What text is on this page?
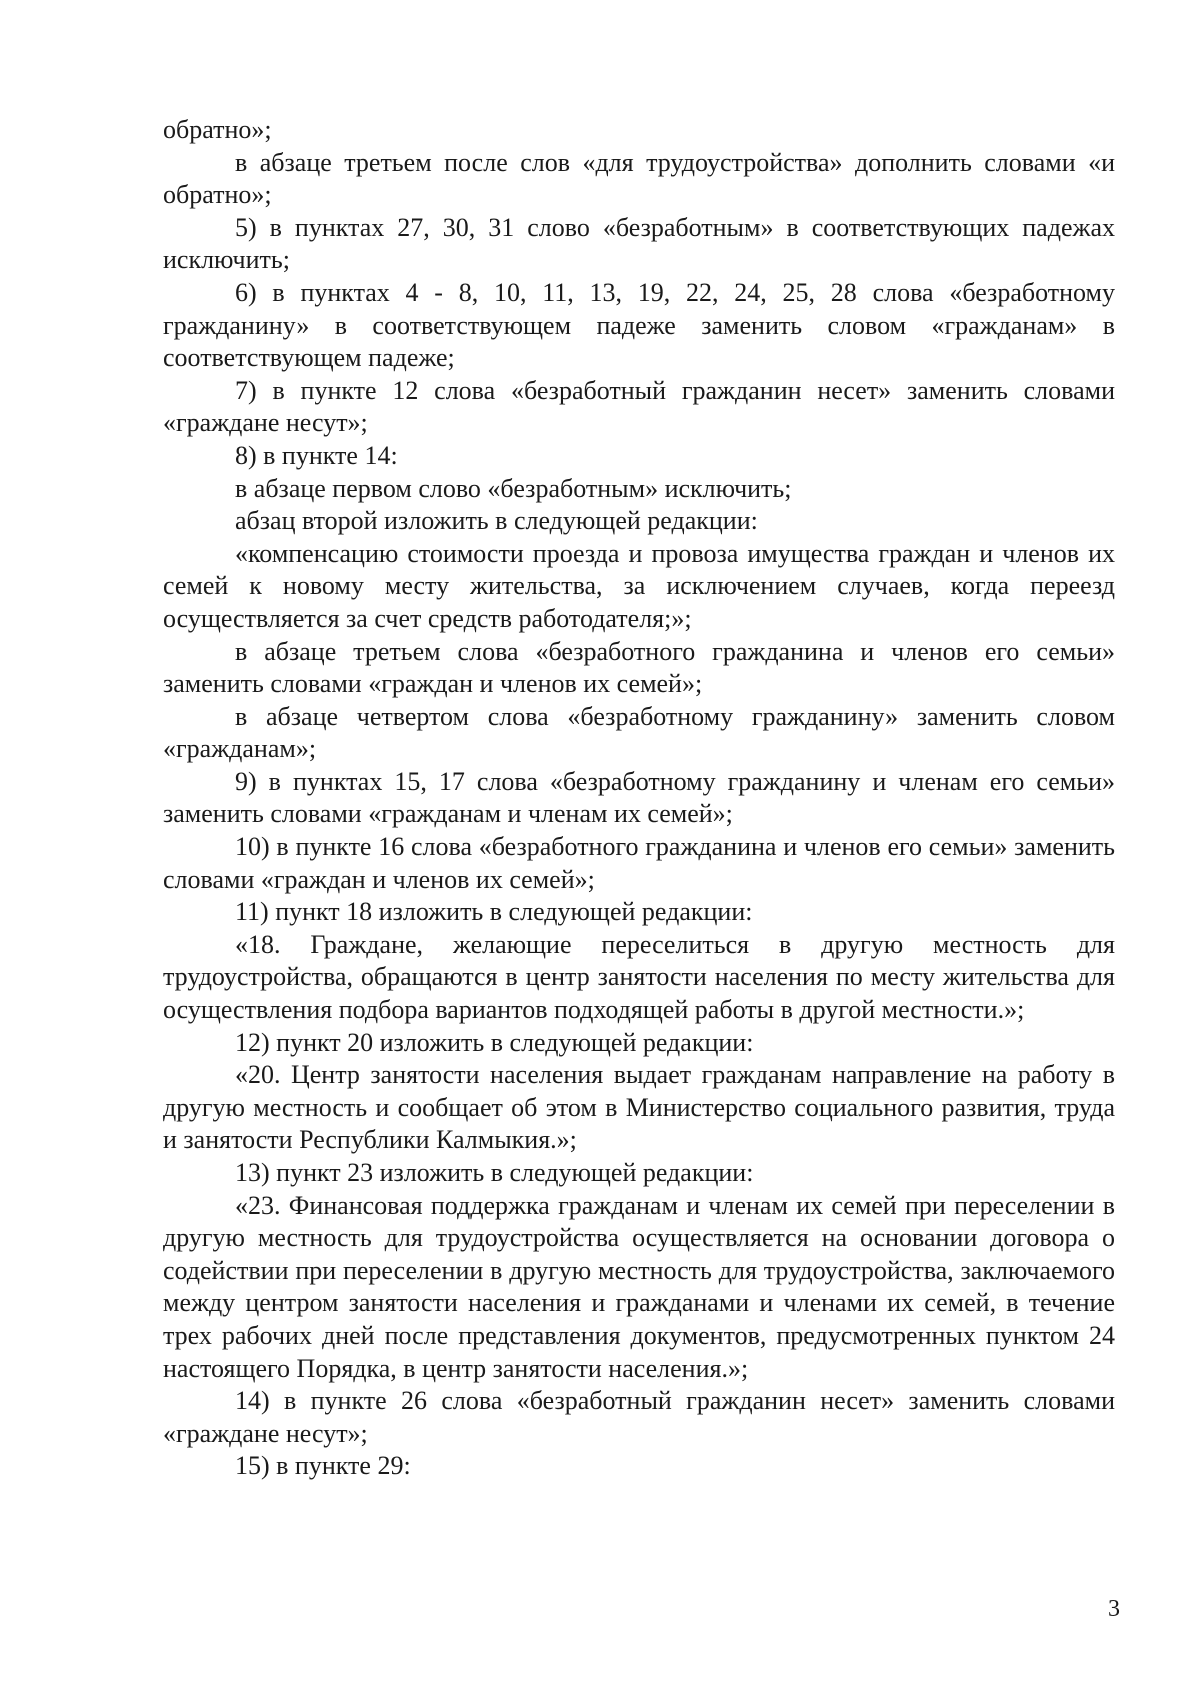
обратно»;

в абзаце третьем после слов «для трудоустройства» дополнить словами «и обратно»;

5) в пунктах 27, 30, 31 слово «безработным» в соответствующих падежах исключить;

6) в пунктах 4 - 8, 10, 11, 13, 19, 22, 24, 25, 28 слова «безработному гражданину» в соответствующем падеже заменить словом «гражданам» в соответствующем падеже;

7) в пункте 12 слова «безработный гражданин несет» заменить словами «граждане несут»;

8) в пункте 14:

в абзаце первом слово «безработным» исключить;

абзац второй изложить в следующей редакции:

«компенсацию стоимости проезда и провоза имущества граждан и членов их семей к новому месту жительства, за исключением случаев, когда переезд осуществляется за счет средств работодателя;»;

в абзаце третьем слова «безработного гражданина и членов его семьи» заменить словами «граждан и членов их семей»;

в абзаце четвертом слова «безработному гражданину» заменить словом «гражданам»;

9) в пунктах 15, 17 слова «безработному гражданину и членам его семьи» заменить словами «гражданам и членам их семей»;

10) в пункте 16 слова «безработного гражданина и членов его семьи» заменить словами «граждан и членов их семей»;

11) пункт 18 изложить в следующей редакции:

«18. Граждане, желающие переселиться в другую местность для трудоустройства, обращаются в центр занятости населения по месту жительства для осуществления подбора вариантов подходящей работы в другой местности.»;

12) пункт 20 изложить в следующей редакции:

«20. Центр занятости населения выдает гражданам направление на работу в другую местность и сообщает об этом в Министерство социального развития, труда и занятости Республики Калмыкия.»;

13) пункт 23 изложить в следующей редакции:

«23. Финансовая поддержка гражданам и членам их семей при переселении в другую местность для трудоустройства осуществляется на основании договора о содействии при переселении в другую местность для трудоустройства, заключаемого между центром занятости населения и гражданами и членами их семей, в течение трех рабочих дней после представления документов, предусмотренных пунктом 24 настоящего Порядка, в центр занятости населения.»;

14) в пункте 26 слова «безработный гражданин несет» заменить словами «граждане несут»;

15) в пункте 29:

3
